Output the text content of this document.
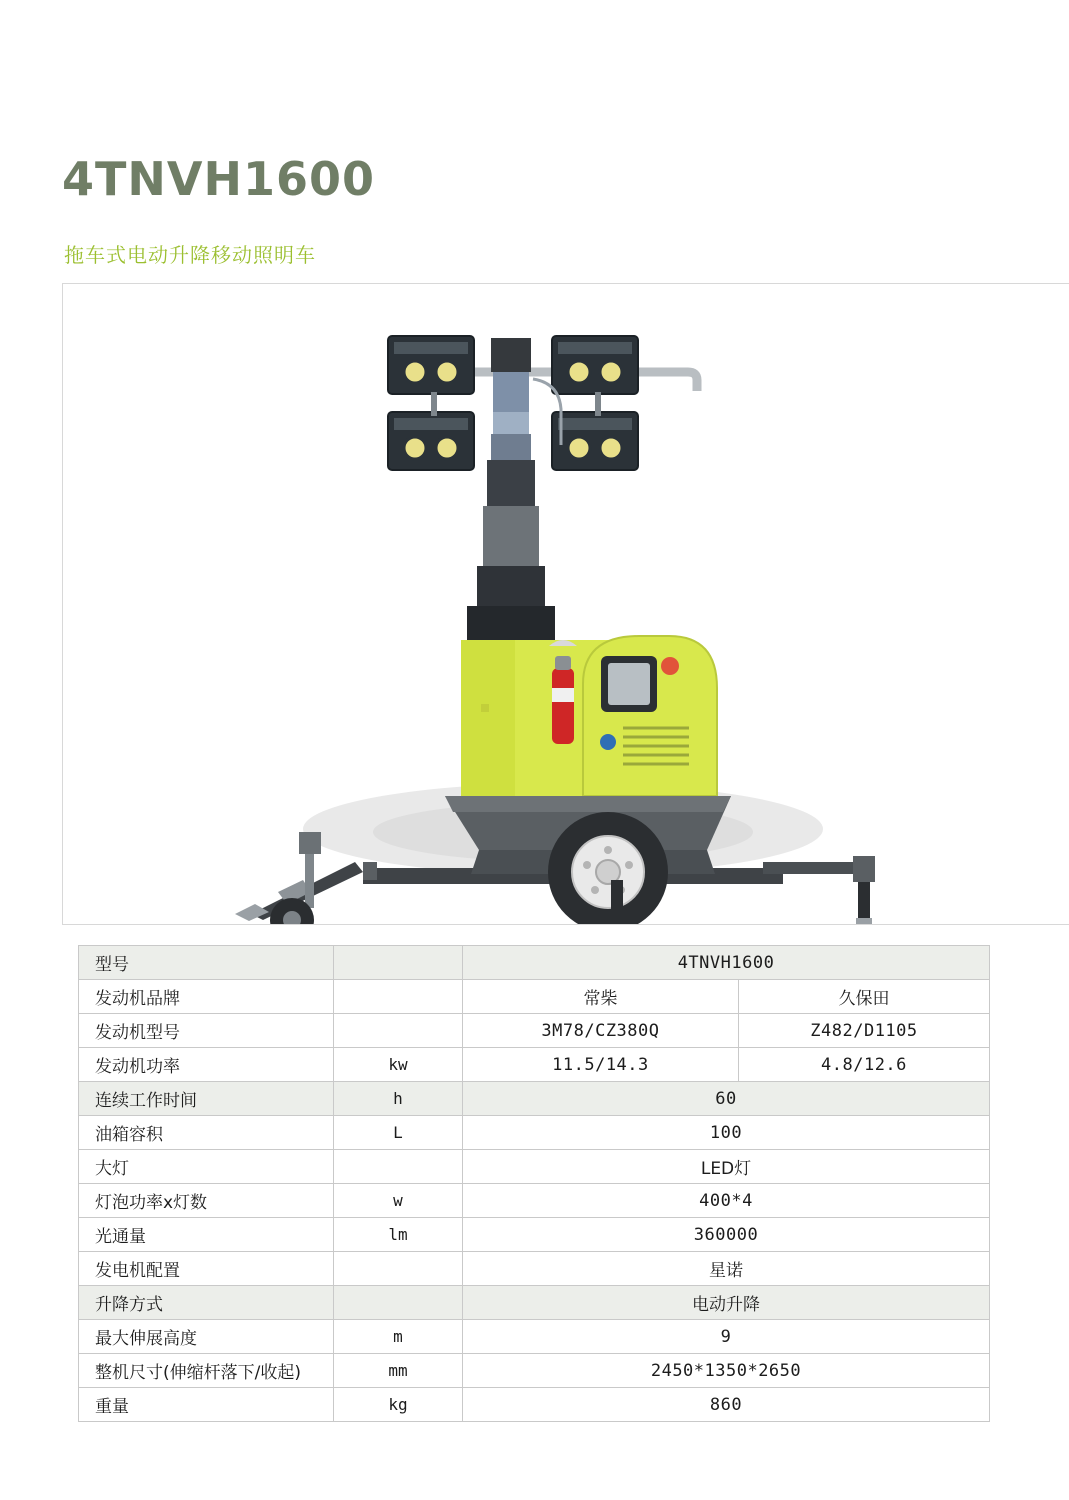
4TNVH1600
拖车式电动升降移动照明车
型号		4TNVH1600	
发动机品牌		常柴	久保田
发动机型号		3M78/CZ380Q	Z482/D1105
发动机功率	kw	11.5/14.3	4.8/12.6
连续工作时间	h	60	
油箱容积	L	100	
大灯		LED灯	
灯泡功率x灯数	w	400*4	
光通量	lm	360000	
发电机配置		星诺	
升降方式		电动升降	
最大伸展高度	m	9	
整机尺寸(伸缩杆落下/收起)	mm	2450*1350*2650	
重量	kg	860	
